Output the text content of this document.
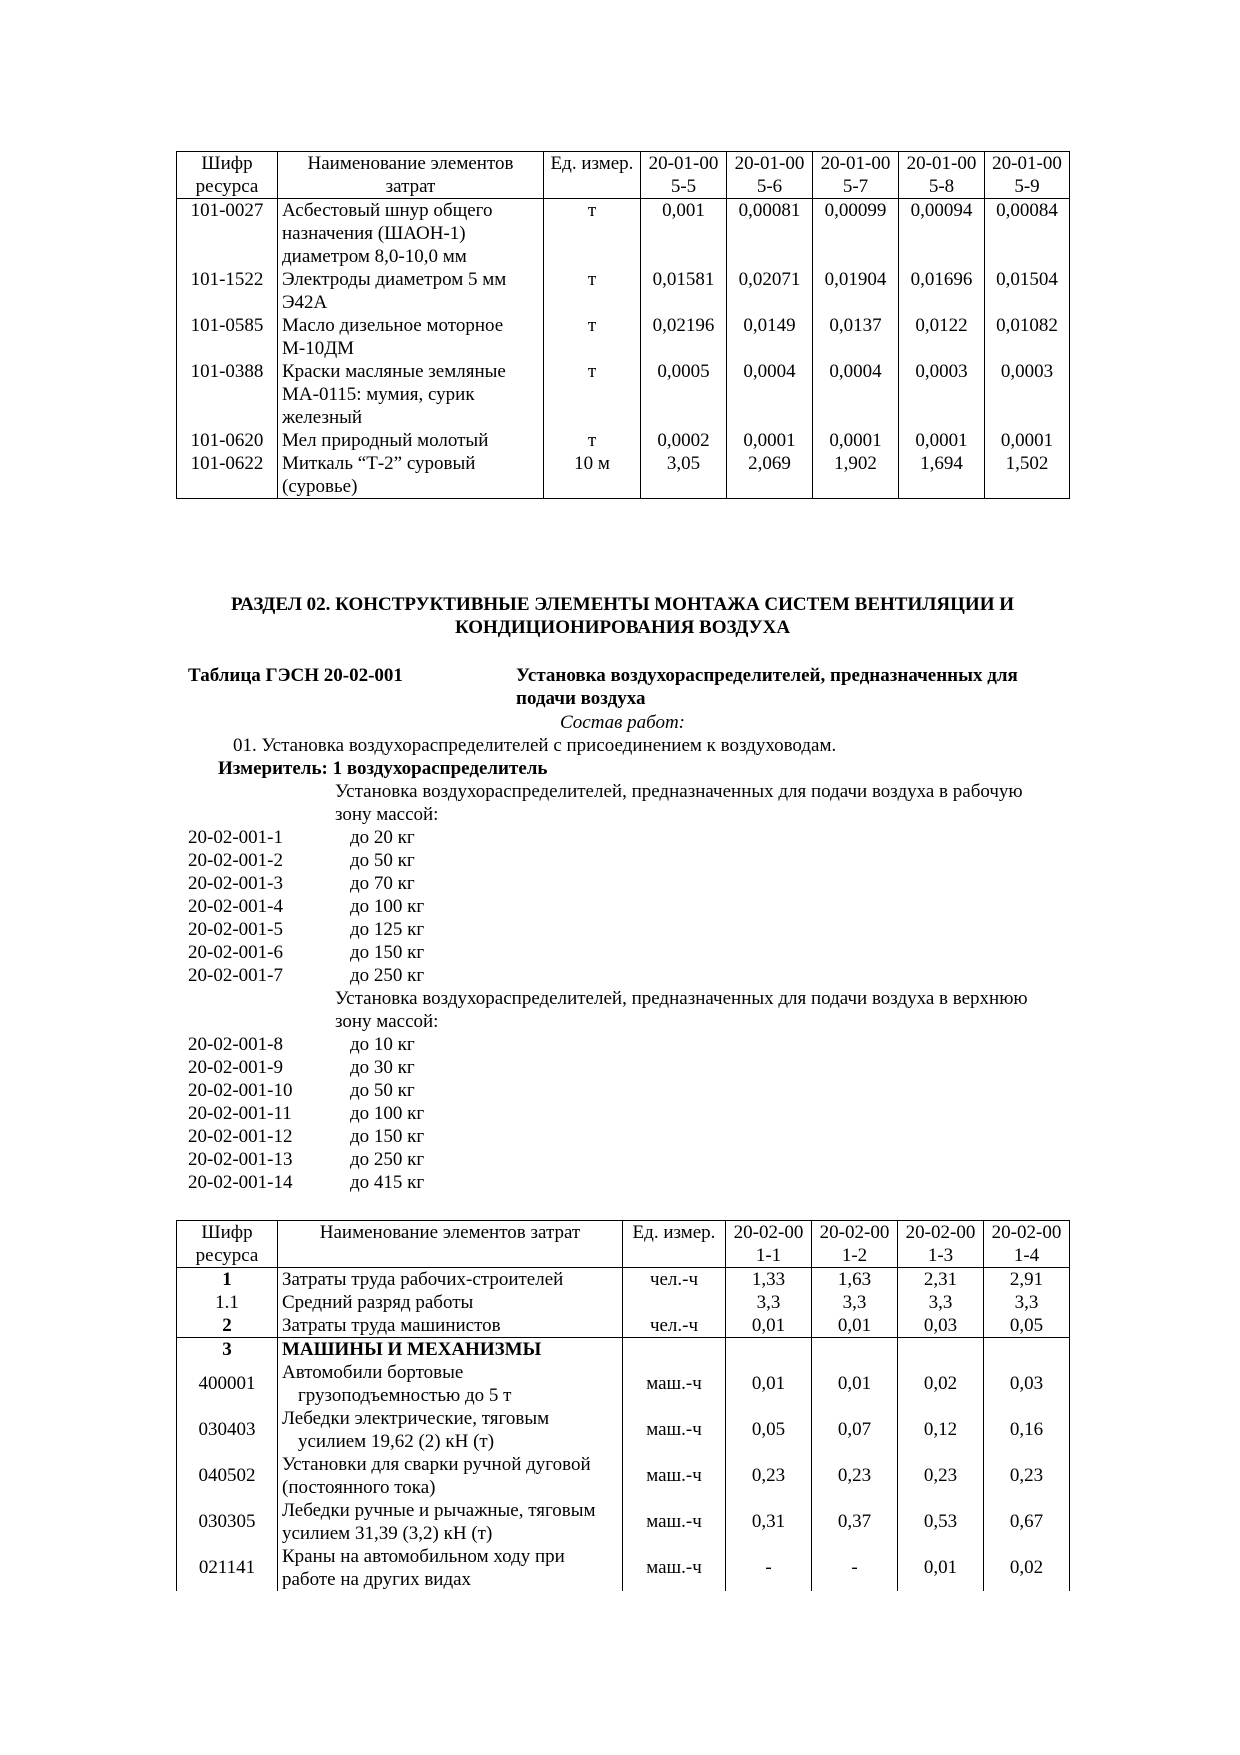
Шифр ресурса	Наименование элементов затрат	Ед. измер.	20-01-005-5	20-01-005-6	20-01-005-7	20-01-005-8	20-01-005-9
101-0027	Асбестовый шнур общего назначения (ШАОН-1) диаметром 8,0-10,0 мм	т	0,001	0,00081	0,00099	0,00094	0,00084
101-1522	Электроды диаметром 5 мм Э42А	т	0,01581	0,02071	0,01904	0,01696	0,01504
101-0585	Масло дизельное моторное М-10ДМ	т	0,02196	0,0149	0,0137	0,0122	0,01082
101-0388	Краски масляные земляные МА-0115: мумия, сурик железный	т	0,0005	0,0004	0,0004	0,0003	0,0003
101-0620	Мел природный молотый	т	0,0002	0,0001	0,0001	0,0001	0,0001
101-0622	Миткаль “Т-2” суровый (суровье)	10 м	3,05	2,069	1,902	1,694	1,502
РАЗДЕЛ 02. КОНСТРУКТИВНЫЕ ЭЛЕМЕНТЫ МОНТАЖА СИСТЕМ ВЕНТИЛЯЦИИ И КОНДИЦИОНИРОВАНИЯ ВОЗДУХА
Таблица ГЭСН 20-02-001	Установка воздухораспределителей, предназначенных для подачи воздуха
Состав работ:
01. Установка воздухораспределителей с присоединением к воздуховодам.
Измеритель: 1 воздухораспределитель
Установка воздухораспределителей, предназначенных для подачи воздуха в рабочую зону массой:
20-02-001-1	до 20 кг
20-02-001-2	до 50 кг
20-02-001-3	до 70 кг
20-02-001-4	до 100 кг
20-02-001-5	до 125 кг
20-02-001-6	до 150 кг
20-02-001-7	до 250 кг
Установка воздухораспределителей, предназначенных для подачи воздуха в верхнюю зону массой:
20-02-001-8	до 10 кг
20-02-001-9	до 30 кг
20-02-001-10	до 50 кг
20-02-001-11	до 100 кг
20-02-001-12	до 150 кг
20-02-001-13	до 250 кг
20-02-001-14	до 415 кг
Шифр ресурса	Наименование элементов затрат	Ед. измер.	20-02-001-1	20-02-001-2	20-02-001-3	20-02-001-4
1	Затраты труда рабочих-строителей	чел.-ч	1,33	1,63	2,31	2,91
1.1	Средний разряд работы		3,3	3,3	3,3	3,3
2	Затраты труда машинистов	чел.-ч	0,01	0,01	0,03	0,05
3	МАШИНЫ И МЕХАНИЗМЫ					
400001	Автомобили бортовые грузоподъемностью до 5 т	маш.-ч	0,01	0,01	0,02	0,03
030403	Лебедки электрические, тяговым усилием 19,62 (2) кН (т)	маш.-ч	0,05	0,07	0,12	0,16
040502	Установки для сварки ручной дуговой (постоянного тока)	маш.-ч	0,23	0,23	0,23	0,23
030305	Лебедки ручные и рычажные, тяговым усилием 31,39 (3,2) кН (т)	маш.-ч	0,31	0,37	0,53	0,67
021141	Краны на автомобильном ходу при работе на других видах	маш.-ч	-	-	0,01	0,02
